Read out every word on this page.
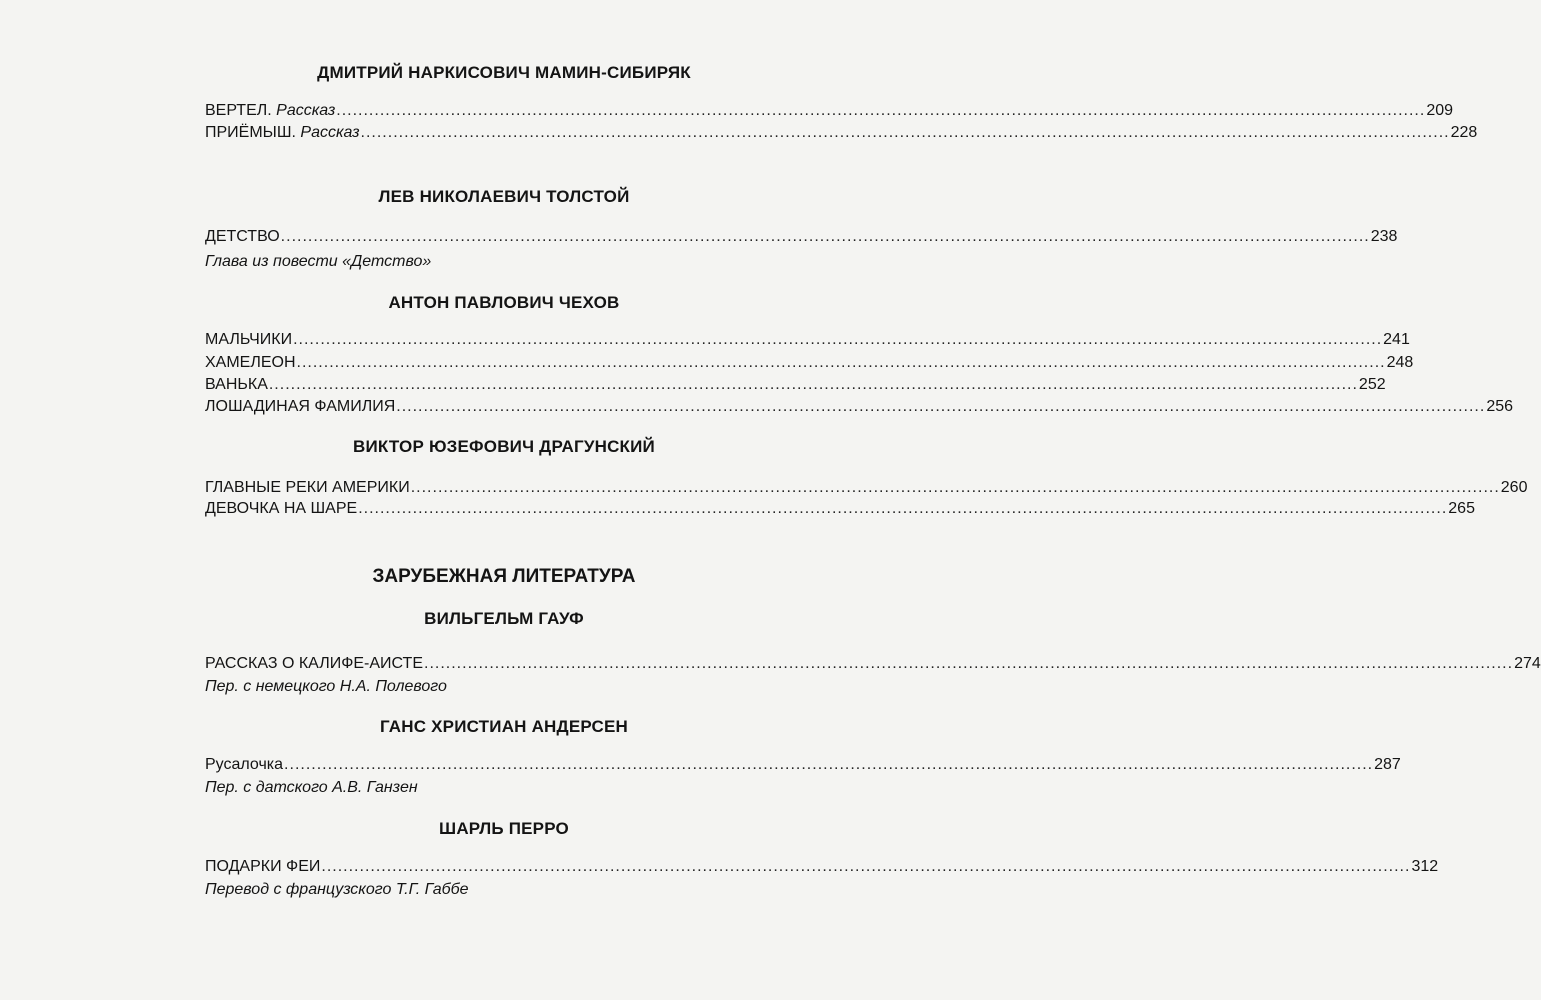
ДМИТРИЙ НАРКИСОВИЧ МАМИН-СИБИРЯК
ВЕРТЕЛ. Рассказ ........................................................................................................................................................................................................ 209
ПРИЁМЫШ. Рассказ ........................................................................................................................................................................................................ 228
ЛЕВ НИКОЛАЕВИЧ ТОЛСТОЙ
ДЕТСТВО ........................................................................................................................................................................................................ 238
Глава из повести «Детство»
АНТОН ПАВЛОВИЧ ЧЕХОВ
МАЛЬЧИКИ ........................................................................................................................................................................................................ 241
ХАМЕЛЕОН ........................................................................................................................................................................................................ 248
ВАНЬКА ........................................................................................................................................................................................................ 252
ЛОШАДИНАЯ ФАМИЛИЯ ........................................................................................................................................................................................................ 256
ВИКТОР ЮЗЕФОВИЧ ДРАГУНСКИЙ
ГЛАВНЫЕ РЕКИ АМЕРИКИ ........................................................................................................................................................................................................ 260
ДЕВОЧКА НА ШАРЕ ........................................................................................................................................................................................................ 265
ЗАРУБЕЖНАЯ ЛИТЕРАТУРА
ВИЛЬГЕЛЬМ ГАУФ
РАССКАЗ О КАЛИФЕ-АИСТЕ ........................................................................................................................................................................................................ 274
Пер. с немецкого Н.А. Полевого
ГАНС ХРИСТИАН АНДЕРСЕН
Русалочка ........................................................................................................................................................................................................ 287
Пер. с датского А.В. Ганзен
ШАРЛЬ ПЕРРО
ПОДАРКИ ФЕИ ........................................................................................................................................................................................................ 312
Перевод с французского Т.Г. Габбе
